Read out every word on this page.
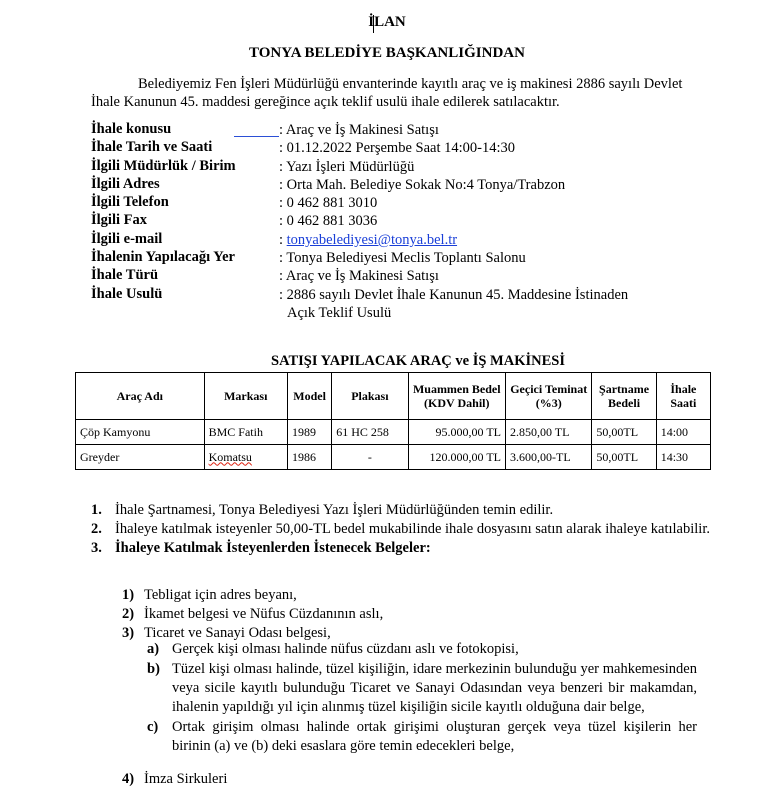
İLAN
TONYA BELEDİYE BAŞKANLIĞINDAN
Belediyemiz Fen İşleri Müdürlüğü envanterinde kayıtlı araç ve iş makinesi 2886 sayılı Devlet İhale Kanunun 45. maddesi gereğince açık teklif usulü ihale edilerek satılacaktır.
İhale konusu	: Araç ve İş Makinesi Satışı
İhale Tarih ve Saati	: 01.12.2022 Perşembe Saat 14:00-14:30
İlgili Müdürlük / Birim	: Yazı İşleri Müdürlüğü
İlgili Adres	: Orta Mah. Belediye Sokak No:4 Tonya/Trabzon
İlgili Telefon	: 0 462 881 3010
İlgili Fax	: 0 462 881 3036
İlgili e-mail	: tonyabelediyesi@tonya.bel.tr
İhalenin Yapılacağı Yer	: Tonya Belediyesi Meclis Toplantı Salonu
İhale Türü	: Araç ve İş Makinesi Satışı
İhale Usulü	: 2886 sayılı Devlet İhale Kanunun 45. Maddesine İstinaden
Açık Teklif Usulü
SATIŞI YAPILACAK ARAÇ ve İŞ MAKİNESİ
Araç Adı	Markası	Model	Plakası	Muammen Bedel (KDV Dahil)	Geçici Teminat (%3)	Şartname Bedeli	İhale Saati
Çöp Kamyonu	BMC Fatih	1989	61 HC 258	95.000,00 TL	2.850,00 TL	50,00TL	14:00
Greyder	Komatsu	1986	-	120.000,00 TL	3.600,00-TL	50,00TL	14:30
1. İhale Şartnamesi, Tonya Belediyesi Yazı İşleri Müdürlüğünden temin edilir.
2. İhaleye katılmak isteyenler 50,00-TL bedel mukabilinde ihale dosyasını satın alarak ihaleye katılabilir.
3. İhaleye Katılmak İsteyenlerden İstenecek Belgeler:
1) Tebligat için adres beyanı,
2) İkamet belgesi ve Nüfus Cüzdanının aslı,
3) Ticaret ve Sanayi Odası belgesi,
a) Gerçek kişi olması halinde nüfus cüzdanı aslı ve fotokopisi,
b) Tüzel kişi olması halinde, tüzel kişiliğin, idare merkezinin bulunduğu yer mahkemesinden veya sicile kayıtlı bulunduğu Ticaret ve Sanayi Odasından veya benzeri bir makamdan, ihalenin yapıldığı yıl için alınmış tüzel kişiliğin sicile kayıtlı olduğuna dair belge,
c) Ortak girişim olması halinde ortak girişimi oluşturan gerçek veya tüzel kişilerin her birinin (a) ve (b) deki esaslara göre temin edecekleri belge,
4) İmza Sirkuleri
